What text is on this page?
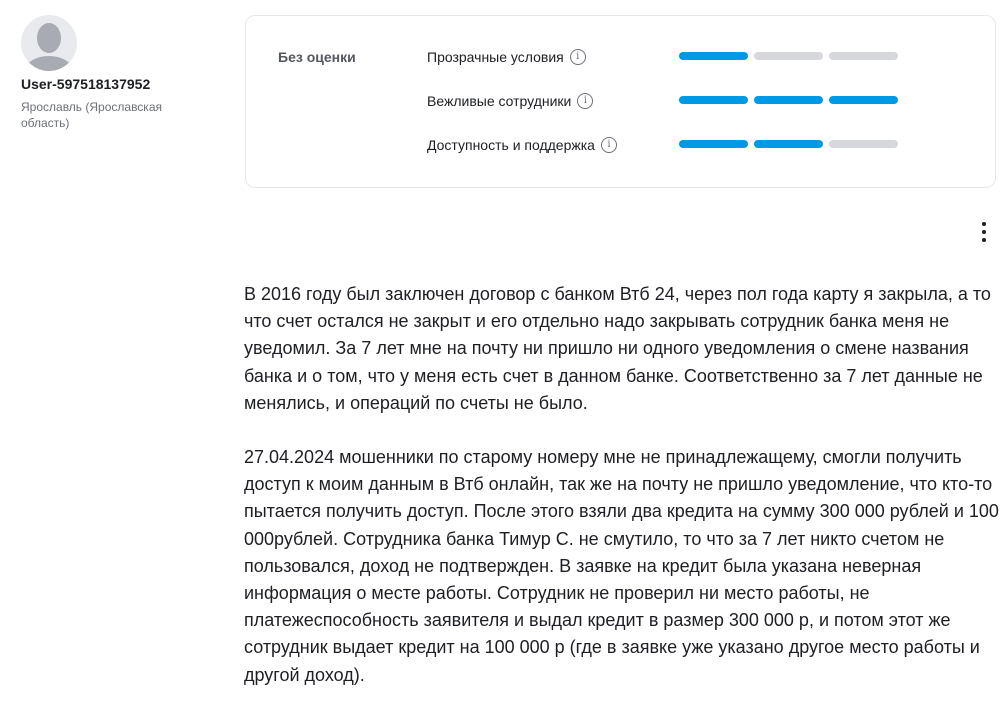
User-597518137952
Ярославль (Ярославская область)
Без оценки	Прозрачные условия	i
Вежливые сотрудники	i
Доступность и поддержка	i

В 2016 году был заключен договор с банком Втб 24, через пол года карту я закрыла, а то что счет остался не закрыт и его отдельно надо закрывать сотрудник банка меня не уведомил. За 7 лет мне на почту ни пришло ни одного уведомления о смене названия банка и о том, что у меня есть счет в данном банке. Соответственно за 7 лет данные не менялись, и операций по счеты не было.

27.04.2024 мошенники по старому номеру мне не принадлежащему, смогли получить доступ к моим данным в Втб онлайн, так же на почту не пришло уведомление, что кто-то пытается получить доступ. После этого взяли два кредита на сумму 300 000 рублей и 100 000рублей. Сотрудника банка Тимур С. не смутило, то что за 7 лет никто счетом не пользовался, доход не подтвержден. В заявке на кредит была указана неверная информация о месте работы. Сотрудник не проверил ни место работы, не платежеспособность заявителя и выдал кредит в размер 300 000 р, и потом этот же сотрудник выдает кредит на 100 000 р (где в заявке уже указано другое место работы и другой доход).
